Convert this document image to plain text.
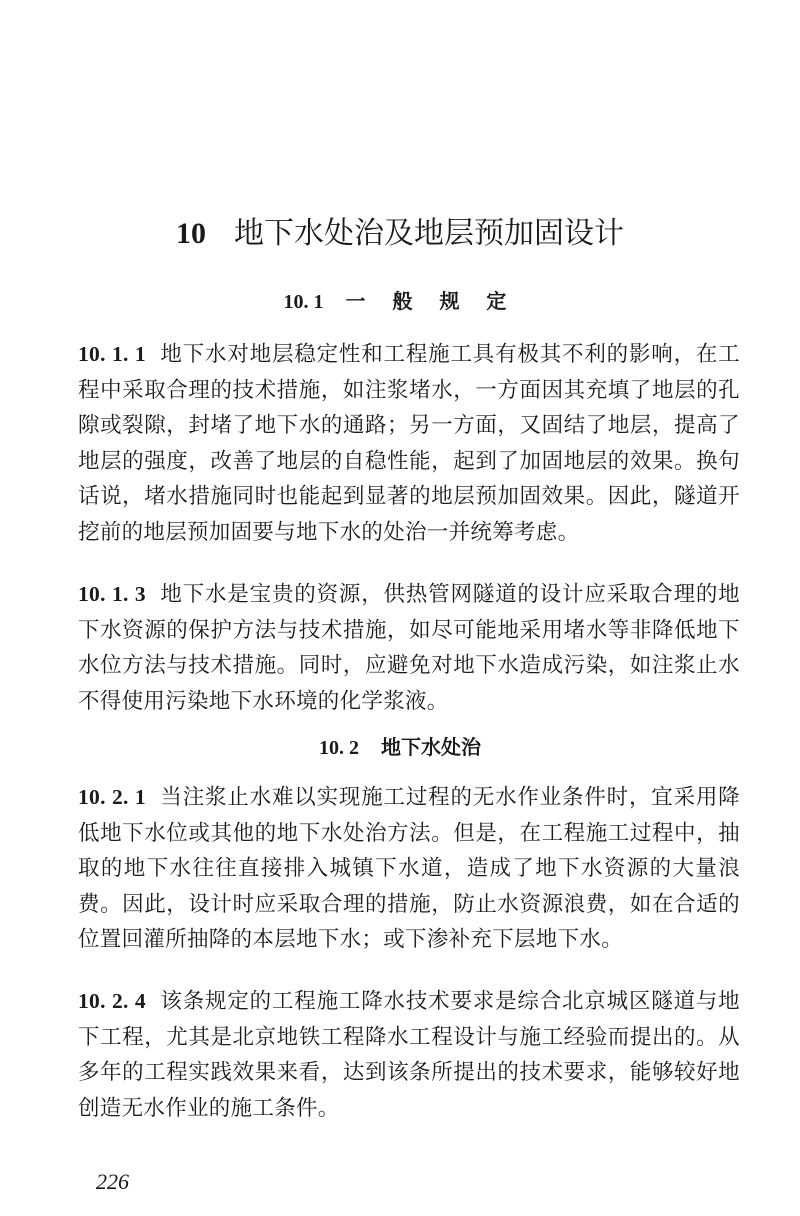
10 地下水处治及地层预加固设计
10. 1 一 般 规 定
10. 1. 1 地下水对地层稳定性和工程施工具有极其不利的影响，在工程中采取合理的技术措施，如注浆堵水，一方面因其充填了地层的孔隙或裂隙，封堵了地下水的通路；另一方面，又固结了地层，提高了地层的强度，改善了地层的自稳性能，起到了加固地层的效果。换句话说，堵水措施同时也能起到显著的地层预加固效果。因此，隧道开挖前的地层预加固要与地下水的处治一并统筹考虑。
10. 1. 3 地下水是宝贵的资源，供热管网隧道的设计应采取合理的地下水资源的保护方法与技术措施，如尽可能地采用堵水等非降低地下水位方法与技术措施。同时，应避免对地下水造成污染，如注浆止水不得使用污染地下水环境的化学浆液。
10. 2 地下水处治
10. 2. 1 当注浆止水难以实现施工过程的无水作业条件时，宜采用降低地下水位或其他的地下水处治方法。但是，在工程施工过程中，抽取的地下水往往直接排入城镇下水道，造成了地下水资源的大量浪费。因此，设计时应采取合理的措施，防止水资源浪费，如在合适的位置回灌所抽降的本层地下水；或下渗补充下层地下水。
10. 2. 4 该条规定的工程施工降水技术要求是综合北京城区隧道与地下工程，尤其是北京地铁工程降水工程设计与施工经验而提出的。从多年的工程实践效果来看，达到该条所提出的技术要求，能够较好地创造无水作业的施工条件。
226
